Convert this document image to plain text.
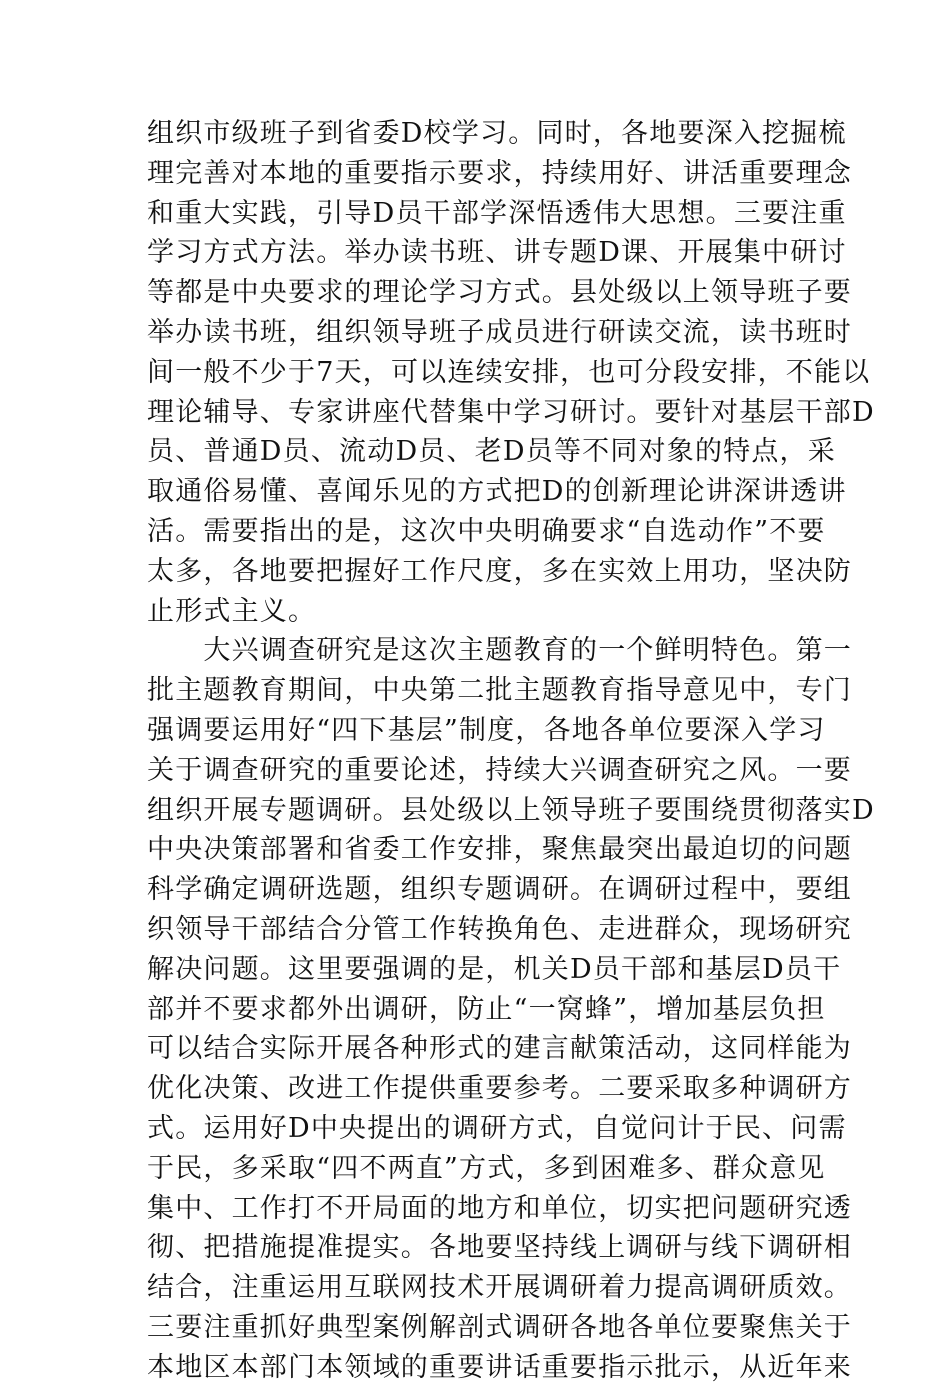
组织市级班子到省委D校学习。同时，各地要深入挖掘梳
理完善对本地的重要指示要求，持续用好、讲活重要理念
和重大实践，引导D员干部学深悟透伟大思想。三要注重
学习方式方法。举办读书班、讲专题D课、开展集中研讨
等都是中央要求的理论学习方式。县处级以上领导班子要
举办读书班，组织领导班子成员进行研读交流，读书班时
间一般不少于7天，可以连续安排，也可分段安排，不能以
理论辅导、专家讲座代替集中学习研讨。要针对基层干部D
员、普通D员、流动D员、老D员等不同对象的特点，采
取通俗易懂、喜闻乐见的方式把D的创新理论讲深讲透讲
活。需要指出的是，这次中央明确要求“自选动作”不要
太多，各地要把握好工作尺度，多在实效上用功，坚决防
止形式主义。
　　大兴调查研究是这次主题教育的一个鲜明特色。第一
批主题教育期间，中央第二批主题教育指导意见中，专门
强调要运用好“四下基层”制度，各地各单位要深入学习
关于调查研究的重要论述，持续大兴调查研究之风。一要
组织开展专题调研。县处级以上领导班子要围绕贯彻落实D
中央决策部署和省委工作安排，聚焦最突出最迫切的问题
科学确定调研选题，组织专题调研。在调研过程中，要组
织领导干部结合分管工作转换角色、走进群众，现场研究
解决问题。这里要强调的是，机关D员干部和基层D员干
部并不要求都外出调研，防止“一窝蜂”，增加基层负担
可以结合实际开展各种形式的建言献策活动，这同样能为
优化决策、改进工作提供重要参考。二要采取多种调研方
式。运用好D中央提出的调研方式，自觉问计于民、问需
于民，多采取“四不两直”方式，多到困难多、群众意见
集中、工作打不开局面的地方和单位，切实把问题研究透
彻、把措施提准提实。各地要坚持线上调研与线下调研相
结合，注重运用互联网技术开展调研着力提高调研质效。
三要注重抓好典型案例解剖式调研各地各单位要聚焦关于
本地区本部门本领域的重要讲话重要指示批示，从近年来
